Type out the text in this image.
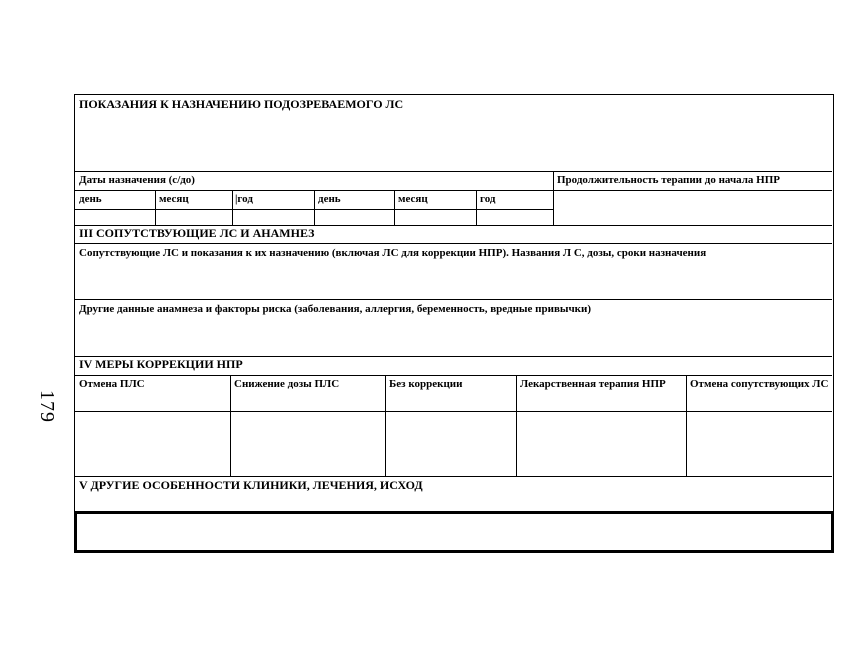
179
ПОКАЗАНИЯ К НАЗНАЧЕНИЮ ПОДОЗРЕВАЕМОГО ЛС
Даты назначения (с/до)	Продолжительность терапии до начала НПР
день	месяц	|год	день	месяц	год
III СОПУТСТВУЮЩИЕ ЛС И АНАМНЕЗ
Сопутствующие ЛС и показания к их назначению (включая ЛС для коррекции НПР). Названия Л С, дозы, сроки назначения
Другие данные анамнеза и факторы риска (заболевания, аллергия, беременность, вредные привычки)
IV МЕРЫ КОРРЕКЦИИ НПР
Отмена ПЛС	Снижение дозы ПЛС	Без коррекции	Лекарственная терапия НПР	Отмена сопутствующих ЛС
V ДРУГИЕ ОСОБЕННОСТИ КЛИНИКИ, ЛЕЧЕНИЯ, ИСХОД
